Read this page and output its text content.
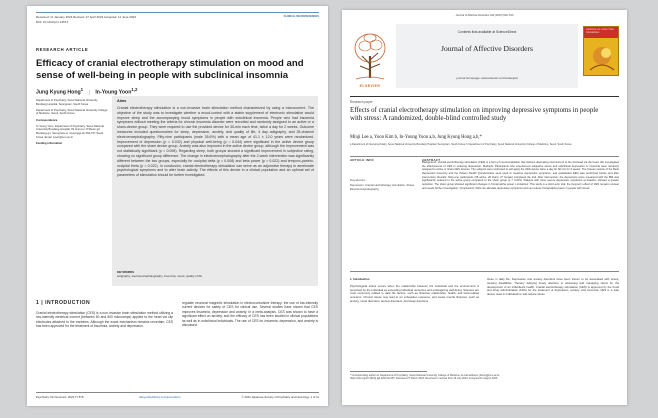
Received: 11 January 2023 Revised: 27 April 2023 Accepted: 11 June 2023
DOI: 10.1111/pcn.13574
CLINICAL NEUROSCIENCES
RESEARCH ARTICLE
Efficacy of cranial electrotherapy stimulation on mood and sense of well-being in people with subclinical insomnia
Jung Kyung Hong$^1$ | In-Young Yoon$^{1,2}$

Department of Psychiatry, Seoul National University Bundang Hospital, Seongnam, South Korea

Department of Psychiatry, Seoul National University College of Medicine, Seoul, South Korea

Correspondence

In-Young Yoon, Department of Psychiatry, Seoul National University Bundang Hospital, 82 Gumi-ro 173beon-gil, Bundang-gu, Seongnam-si, Gyeonggi-do 463-707 South Korea. Email: iyoon@snu.ac.kr

Funding information

Aims
Cranial electrotherapy stimulation is a non-invasive brain stimulation method characterized by using a microcurrent. The objective of the study was to investigate whether a mood-control with a stable supplement of electronic stimulation would improve sleep and the accompanying mood symptoms in people with subclinical insomnia. People who had insomnia symptoms without meeting the criteria for chronic insomnia disorder were recruited and randomly assigned to an active or a sham-device group. They were required to use the provided device for 30-min each time, twice a day for 2 weeks. Outcome measures included questionnaires for sleep, depression, anxiety, and quality of life, 4 day actigraphy, and 28-channel electroencephalography. Fifty-nine participants (male 35.6%) with a mean age of 41.1 ± 12.0 years were randomized. Improvement of depression (p = 0.032) and physical well-being (p = 0.044) were significant in the active device group compared with the sham device group. Anxiety was also improved in the active device group, although the improvement was not statistically significant (p = 0.098). Regarding sleep, both groups showed a significant improvement in subjective rating, showing no significant group difference. The change in electroencephalography after the 2-week intervention was significantly different between the two groups, especially for occipital delta (p = 0.008) and beta power (p = 0.022) and temporo-parieto-occipital theta (p = 0.022). In conclusion, cranial electrotherapy stimulation can serve as an adjunctive therapy to ameliorate psychological symptoms and to alter brain activity. The effects of this device in a clinical population and an optimal set of parameters of stimulation should be further investigated.
KEYWORDS
actigraphy, electroencephalography, insomnia, mood, quality of life
1 | INTRODUCTION
Cranial electrotherapy stimulation (CES) is a non-invasive brain stimulation method utilizing a low-intensity electrical current (between 50 and 500 microamps) applied to the head via clip electrodes attached to the earlobes. Although the exact mechanism remains uncertain, CES has been approved for the treatment of insomnia, anxiety and depression.
regulate neuronal magnetic stimulation in electroconvulsive therapy: the use of low-intensity current devices for safety of CES for clinical use. Several studies have shown that CES improves insomnia, depression and anxiety. In a meta-analysis, CES was shown to have a significant effect on anxiety, and the efficacy of CES has been studied in clinical populations as well as in subclinical individuals. The use of CES for insomnia, depression, and anxiety is discussed.
Psychiatry Clin Neurosci. 2023;77:578	wileyonlinelibrary.com/journal/pcn	© 2023 Japanese Society of Psychiatry and Neurology. 1 of 11
Journal of Affective Disorders 329 (2023) 500–510
ELSEVIER
Contents lists available at ScienceDirect
Journal of Affective Disorders
journal homepage: www.elsevier.com/locate/jad
JOURNAL OF AFFECTIVE DISORDERS
Research paper
Effects of cranial electrotherapy stimulation on improving depressive symptoms in people with stress: A randomized, double-blind controlled study
Minji Lee a, Yoon Kim b, In-Young Yoon a,b, Jung Kyung Hong a,b,*
a Department of Neuropsychiatry, Seoul National University Bundang Hospital, Seongnam, South Korea; b Department of Psychiatry, Seoul National University College of Medicine, Seoul, South Korea
ARTICLE INFO	ABSTRACT
Keywords:
Depression, Cranial electrotherapy stimulation, Stress, Electroencephalography
Background: Cranial electrotherapy stimulation (CES) is a form of neuromodulation that delivers alternating microcurrent to the forehead via the head. We investigated the effectiveness of CES in reducing depression. Methods: Participants who experienced subjective stress and subclinical depression or insomnia were randomly assigned to active or sham-CES devices. The subjects were instructed to self-apply the CES device twice a day for 30 min for 4 weeks. The Korean version of the Beck Depression Inventory and the Patient Health Questionnaire were used to measure depression symptoms, and quantitative EEG was performed before and after intervention. Results: Sixty-one participants (35 active, 26 sham; 27 female) completed the trial. After intervention, the depression score measured with the BDI was significantly reduced in the active group compared to the sham group (p = 0.001). Patients with more severe depressive symptoms at baseline showed a greater reduction. The sham group showed significant changes in frontal alpha power. Limitations: This study is a short-term trial; the long-term effect of CES remains unclear and needs further investigation. Conclusions: CES can alleviate depressive symptoms and can reduce frontal alpha power in people with stress.
1. Introduction
Psychological stress occurs when the relationship between the individual and the environment is perceived by the individual as exceeding individual resources and endangering well-being. Stresses are most commonly related to daily life factors, such as financial, relationship, health, and work-related concerns. Chronic stress may lead to an exhaustion response, and cause mental illnesses, such as anxiety, mood disorders, anxiety disorders, and sleep disorders.
those in daily life. Depressive and anxiety disorders have been shown to be associated with stress, causing disabilities. Thereby delaying timely attention to assessing and managing stress for the development of an individual's health. Cranial electrotherapy stimulation (CES) is approved by the Food and Drug Administration (FDA) for the treatment of depression, anxiety, and insomnia. CES is a safe device used in individuals to self-reduce stress.
* Corresponding author at: Department of Psychiatry, Seoul National University College of Medicine. E-mail address: jkhong@snu.ac.kr. https://doi.org/10.1016/j.jad.2023.02.087. Received 27 March 2023; Received in revised form 26 July 2023; Accepted 11 August 2023.
